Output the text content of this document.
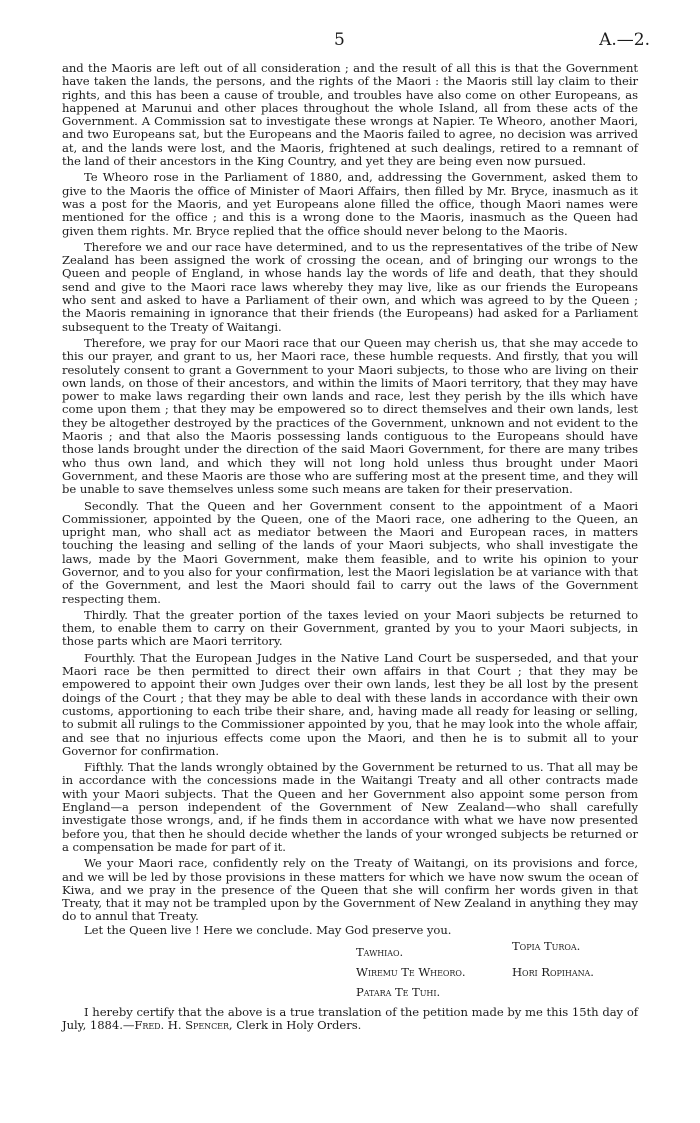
5	A.—2.

and the Maoris are left out of all consideration ; and the result of all this is that the Government have taken the lands, the persons, and the rights of the Maori : the Maoris still lay claim to their rights, and this has been a cause of trouble, and troubles have also come on other Europeans, as happened at Marunui and other places throughout the whole Island, all from these acts of the Government. A Commission sat to investigate these wrongs at Napier. Te Wheoro, another Maori, and two Europeans sat, but the Europeans and the Maoris failed to agree, no decision was arrived at, and the lands were lost, and the Maoris, frightened at such dealings, retired to a remnant of the land of their ancestors in the King Country, and yet they are being even now pursued.

Te Wheoro rose in the Parliament of 1880, and, addressing the Government, asked them to give to the Maoris the office of Minister of Maori Affairs, then filled by Mr. Bryce, inasmuch as it was a post for the Maoris, and yet Europeans alone filled the office, though Maori names were mentioned for the office ; and this is a wrong done to the Maoris, inasmuch as the Queen had given them rights. Mr. Bryce replied that the office should never belong to the Maoris.

Therefore we and our race have determined, and to us the representatives of the tribe of New Zealand has been assigned the work of crossing the ocean, and of bringing our wrongs to the Queen and people of England, in whose hands lay the words of life and death, that they should send and give to the Maori race laws whereby they may live, like as our friends the Europeans who sent and asked to have a Parliament of their own, and which was agreed to by the Queen ; the Maoris remaining in ignorance that their friends (the Europeans) had asked for a Parliament subsequent to the Treaty of Waitangi.

Therefore, we pray for our Maori race that our Queen may cherish us, that she may accede to this our prayer, and grant to us, her Maori race, these humble requests. And firstly, that you will resolutely consent to grant a Government to your Maori subjects, to those who are living on their own lands, on those of their ancestors, and within the limits of Maori territory, that they may have power to make laws regarding their own lands and race, lest they perish by the ills which have come upon them ; that they may be empowered so to direct themselves and their own lands, lest they be altogether destroyed by the practices of the Government, unknown and not evident to the Maoris ; and that also the Maoris possessing lands contiguous to the Europeans should have those lands brought under the direction of the said Maori Government, for there are many tribes who thus own land, and which they will not long hold unless thus brought under Maori Government, and these Maoris are those who are suffering most at the present time, and they will be unable to save themselves unless some such means are taken for their preservation.

Secondly. That the Queen and her Government consent to the appointment of a Maori Commissioner, appointed by the Queen, one of the Maori race, one adhering to the Queen, an upright man, who shall act as mediator between the Maori and European races, in matters touching the leasing and selling of the lands of your Maori subjects, who shall investigate the laws, made by the Maori Government, make them feasible, and to write his opinion to your Governor, and to you also for your confirmation, lest the Maori legislation be at variance with that of the Government, and lest the Maori should fail to carry out the laws of the Government respecting them.

Thirdly. That the greater portion of the taxes levied on your Maori subjects be returned to them, to enable them to carry on their Government, granted by you to your Maori subjects, in those parts which are Maori territory.

Fourthly. That the European Judges in the Native Land Court be susperseded, and that your Maori race be then permitted to direct their own affairs in that Court ; that they may be empowered to appoint their own Judges over their own lands, lest they be all lost by the present doings of the Court ; that they may be able to deal with these lands in accordance with their own customs, apportioning to each tribe their share, and, having made all ready for leasing or selling, to submit all rulings to the Commissioner appointed by you, that he may look into the whole affair, and see that no injurious effects come upon the Maori, and then he is to submit all to your Governor for confirmation.

Fifthly. That the lands wrongly obtained by the Government be returned to us. That all may be in accordance with the concessions made in the Waitangi Treaty and all other contracts made with your Maori subjects. That the Queen and her Government also appoint some person from England—a person independent of the Government of New Zealand—who shall carefully investigate those wrongs, and, if he finds them in accordance with what we have now presented before you, that then he should decide whether the lands of your wronged subjects be returned or a compensation be made for part of it.

We your Maori race, confidently rely on the Treaty of Waitangi, on its provisions and force, and we will be led by those provisions in these matters for which we have now swum the ocean of Kiwa, and we pray in the presence of the Queen that she will confirm her words given in that Treaty, that it may not be trampled upon by the Government of New Zealand in anything they may do to annul that Treaty.

Let the Queen live ! Here we conclude. May God preserve you.

Tawhiao.	Topia Turoa.
Wiremu Te Wheoro.	Hori Ropihana.
Patara Te Tuhi.

I hereby certify that the above is a true translation of the petition made by me this 15th day of July, 1884.—Fred. H. Spencer, Clerk in Holy Orders.
